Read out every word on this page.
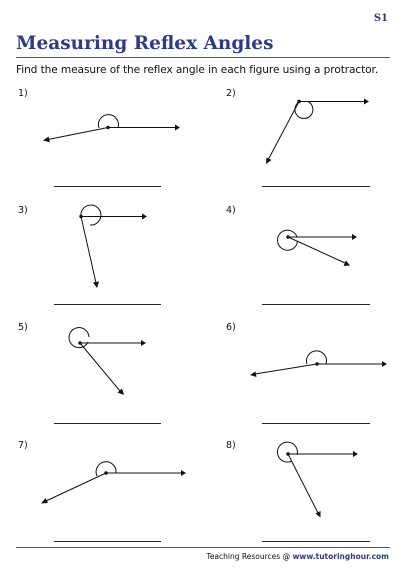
S1
Measuring Reflex Angles
Find the measure of the reflex angle in each figure using a protractor.
1)	2)
3)	4)
5)	6)
7)	8)
Teaching Resources @ www.tutoringhour.com
